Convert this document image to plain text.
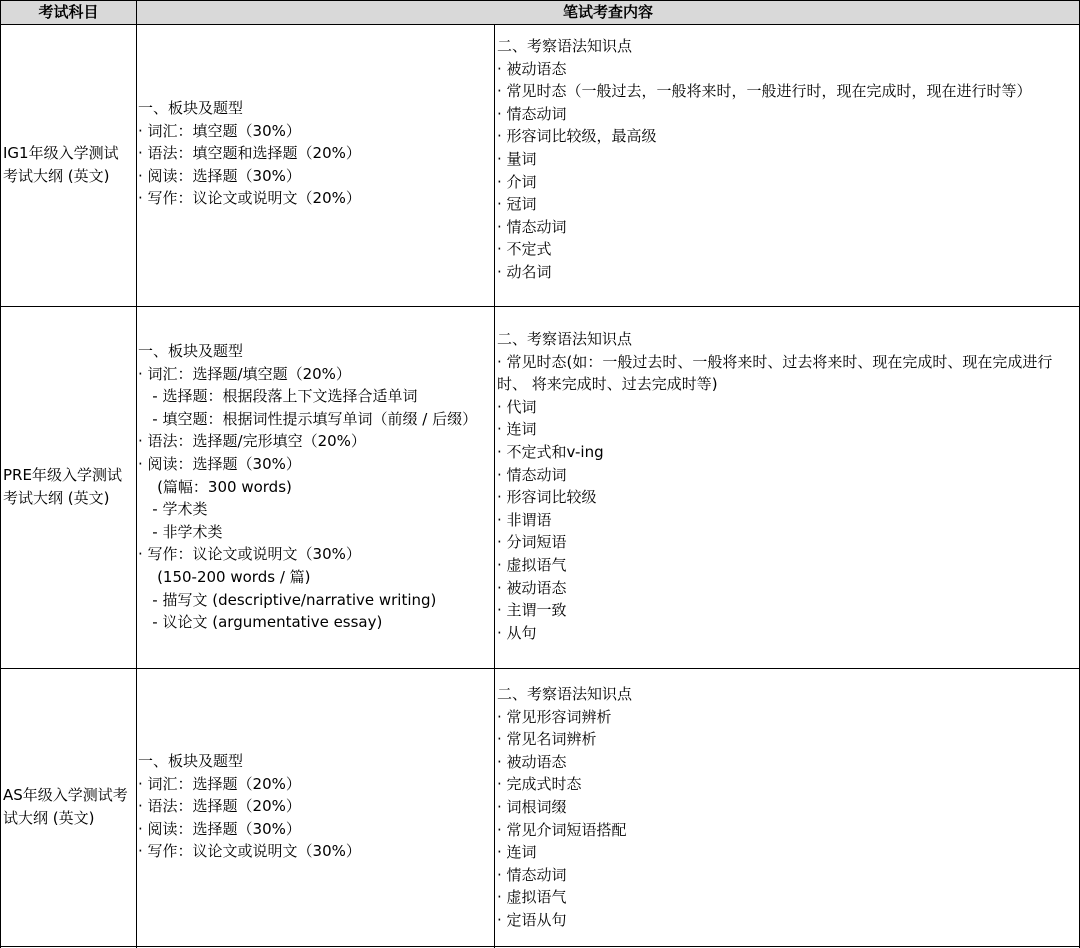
考试科目	笔试考查内容
IG1年级入学测试
考试大纲 (英文)
一、板块及题型
· 词汇：填空题（30%）
· 语法：填空题和选择题（20%）
· 阅读：选择题（30%）
· 写作：议论文或说明文（20%）
二、考察语法知识点
· 被动语态
· 常见时态（一般过去，一般将来时，一般进行时，现在完成时，现在进行时等）
· 情态动词
· 形容词比较级，最高级
· 量词
· 介词
· 冠词
· 情态动词
· 不定式
· 动名词
PRE年级入学测试
考试大纲 (英文)
一、板块及题型
· 词汇：选择题/填空题（20%）
- 选择题：根据段落上下文选择合适单词
- 填空题：根据词性提示填写单词（前缀 / 后缀）
· 语法：选择题/完形填空（20%）
· 阅读：选择题（30%）
(篇幅：300 words)
- 学术类
- 非学术类
· 写作：议论文或说明文（30%）
(150-200 words / 篇)
- 描写文 (descriptive/narrative writing)
- 议论文 (argumentative essay)
二、考察语法知识点
· 常见时态(如：一般过去时、一般将来时、过去将来时、现在完成时、现在完成进行
时、 将来完成时、过去完成时等)
· 代词
· 连词
· 不定式和v-ing
· 情态动词
· 形容词比较级
· 非谓语
· 分词短语
· 虚拟语气
· 被动语态
· 主谓一致
· 从句
AS年级入学测试考
试大纲 (英文)
一、板块及题型
· 词汇：选择题（20%）
· 语法：选择题（20%）
· 阅读：选择题（30%）
· 写作：议论文或说明文（30%）
二、考察语法知识点
· 常见形容词辨析
· 常见名词辨析
· 被动语态
· 完成式时态
· 词根词缀
· 常见介词短语搭配
· 连词
· 情态动词
· 虚拟语气
· 定语从句
